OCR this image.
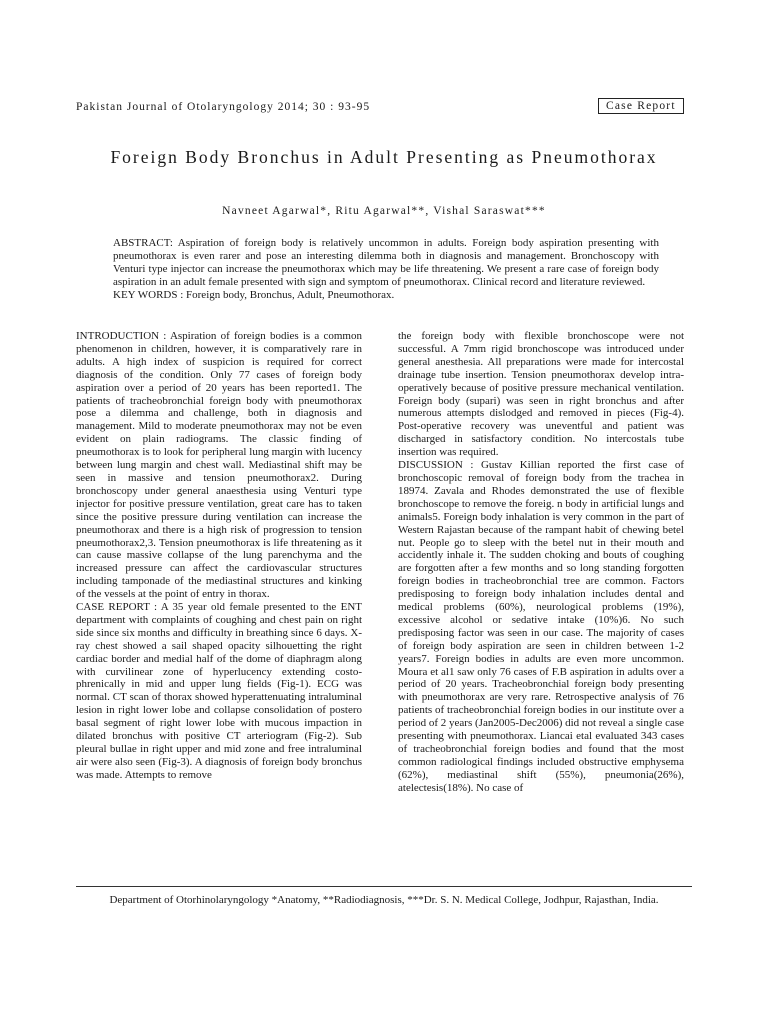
Pakistan Journal of Otolaryngology 2014; 30 : 93-95	Case Report
Foreign Body Bronchus in Adult Presenting as Pneumothorax
Navneet Agarwal*, Ritu Agarwal**, Vishal Saraswat***

ABSTRACT: Aspiration of foreign body is relatively uncommon in adults. Foreign body aspiration presenting with pneumothorax is even rarer and pose an interesting dilemma both in diagnosis and management. Bronchoscopy with Venturi type injector can increase the pneumothorax which may be life threatening. We present a rare case of foreign body aspiration in an adult female presented with sign and symptom of pneumothorax. Clinical record and literature reviewed.

KEY WORDS : Foreign body, Bronchus, Adult, Pneumothorax.

INTRODUCTION : Aspiration of foreign bodies is a common phenomenon in children, however, it is comparatively rare in adults. A high index of suspicion is required for correct diagnosis of the condition. Only 77 cases of foreign body aspiration over a period of 20 years has been reported1. The patients of tracheobronchial foreign body with pneumothorax pose a dilemma and challenge, both in diagnosis and management. Mild to moderate pneumothorax may not be even evident on plain radiograms. The classic finding of pneumothorax is to look for peripheral lung margin with lucency between lung margin and chest wall. Mediastinal shift may be seen in massive and tension pneumothorax2. During bronchoscopy under general anaesthesia using Venturi type injector for positive pressure ventilation, great care has to taken since the positive pressure during ventilation can increase the pneumothorax and there is a high risk of progression to tension pneumothorax2,3. Tension pneumothorax is life threatening as it can cause massive collapse of the lung parenchyma and the increased pressure can affect the cardiovascular structures including tamponade of the mediastinal structures and kinking of the vessels at the point of entry in thorax.

CASE REPORT : A 35 year old female presented to the ENT department with complaints of coughing and chest pain on right side since six months and difficulty in breathing since 6 days. X-ray chest showed a sail shaped opacity silhouetting the right cardiac border and medial half of the dome of diaphragm along with curvilinear zone of hyperlucency extending costo-phrenically in mid and upper lung fields (Fig-1). ECG was normal. CT scan of thorax showed hyperattenuating intraluminal lesion in right lower lobe and collapse consolidation of postero basal segment of right lower lobe with mucous impaction in dilated bronchus with positive CT arteriogram (Fig-2). Sub pleural bullae in right upper and mid zone and free intraluminal air were also seen (Fig-3). A diagnosis of foreign body bronchus was made. Attempts to remove

the foreign body with flexible bronchoscope were not successful. A 7mm rigid bronchoscope was introduced under general anesthesia. All preparations were made for intercostal drainage tube insertion. Tension pneumothorax develop intra-operatively because of positive pressure mechanical ventilation. Foreign body (supari) was seen in right bronchus and after numerous attempts dislodged and removed in pieces (Fig-4). Post-operative recovery was uneventful and patient was discharged in satisfactory condition. No intercostals tube insertion was required.

DISCUSSION : Gustav Killian reported the first case of bronchoscopic removal of foreign body from the trachea in 18974. Zavala and Rhodes demonstrated the use of flexible bronchoscope to remove the foreig. n body in artificial lungs and animals5. Foreign body inhalation is very common in the part of Western Rajastan because of the rampant habit of chewing betel nut. People go to sleep with the betel nut in their mouth and accidently inhale it. The sudden choking and bouts of coughing are forgotten after a few months and so long standing forgotten foreign bodies in tracheobronchial tree are common. Factors predisposing to foreign body inhalation includes dental and medical problems (60%), neurological problems (19%), excessive alcohol or sedative intake (10%)6. No such predisposing factor was seen in our case. The majority of cases of foreign body aspiration are seen in children between 1-2 years7. Foreign bodies in adults are even more uncommon. Moura et al1 saw only 76 cases of F.B aspiration in adults over a period of 20 years. Tracheobronchial foreign body presenting with pneumothorax are very rare. Retrospective analysis of 76 patients of tracheobronchial foreign bodies in our institute over a period of 2 years (Jan2005-Dec2006) did not reveal a single case presenting with pneumothorax. Liancai etal evaluated 343 cases of tracheobronchial foreign bodies and found that the most common radiological findings included obstructive emphysema (62%), mediastinal shift (55%), pneumonia(26%), atelectesis(18%). No case of

Department of Otorhinolaryngology *Anatomy, **Radiodiagnosis, ***Dr. S. N. Medical College, Jodhpur, Rajasthan, India.
